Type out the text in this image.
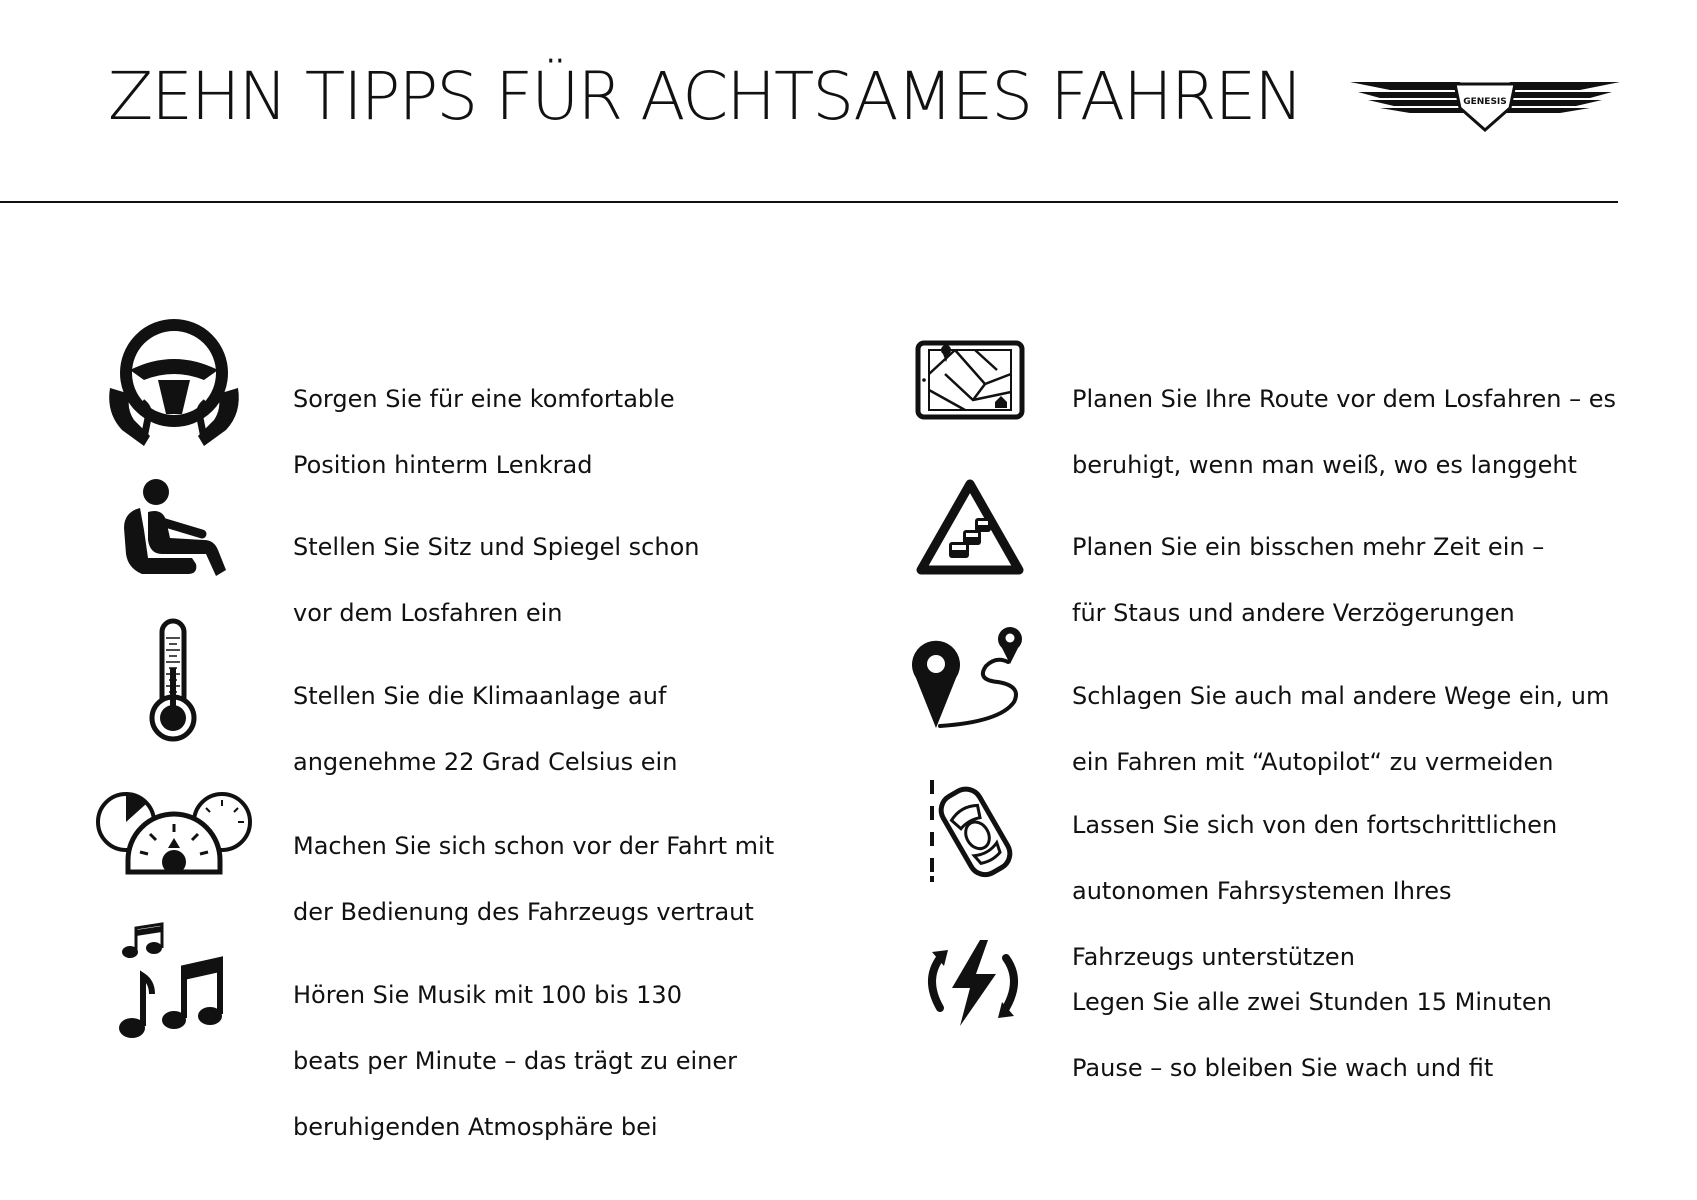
ZEHN TIPPS FÜR ACHTSAMES FAHREN	GENESIS

Sorgen Sie für eine komfortable

Position hinterm Lenkrad

Stellen Sie Sitz und Spiegel schon

vor dem Losfahren ein

Stellen Sie die Klimaanlage auf

angenehme 22 Grad Celsius ein

Machen Sie sich schon vor der Fahrt mit

der Bedienung des Fahrzeugs vertraut

Hören Sie Musik mit 100 bis 130

beats per Minute – das trägt zu einer

beruhigenden Atmosphäre bei

Planen Sie Ihre Route vor dem Losfahren – es

beruhigt, wenn man weiß, wo es langgeht

Planen Sie ein bisschen mehr Zeit ein –

für Staus und andere Verzögerungen

Schlagen Sie auch mal andere Wege ein, um

ein Fahren mit “Autopilot“ zu vermeiden

Lassen Sie sich von den fortschrittlichen

autonomen Fahrsystemen Ihres

Fahrzeugs unterstützen

Legen Sie alle zwei Stunden 15 Minuten

Pause – so bleiben Sie wach und fit
